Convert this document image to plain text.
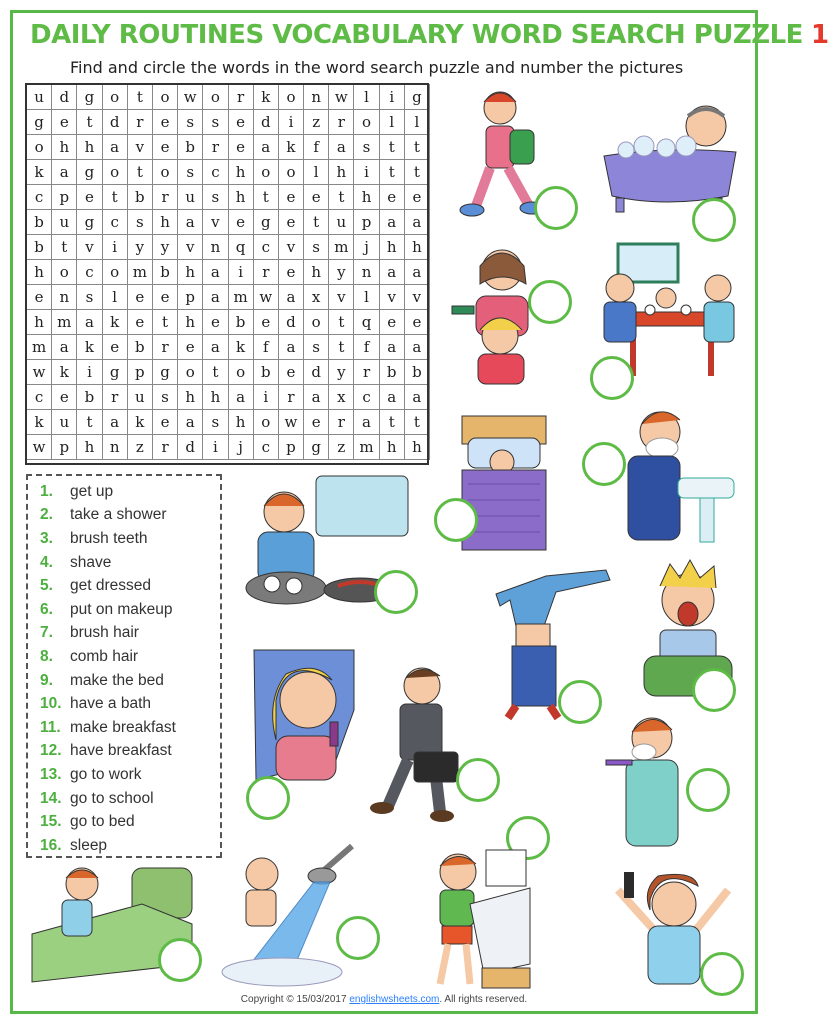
DAILY ROUTINES VOCABULARY WORD SEARCH PUZZLE 1
Find and circle the words in the word search puzzle and number the pictures
u	d	g	o	t	o	w	o	r	k	o	n	w	l	i	g
g	e	t	d	r	e	s	s	e	d	i	z	r	o	l	l
o	h	h	a	v	e	b	r	e	a	k	f	a	s	t	t
k	a	g	o	t	o	s	c	h	o	o	l	h	i	t	t
c	p	e	t	b	r	u	s	h	t	e	e	t	h	e	e
b	u	g	c	s	h	a	v	e	g	e	t	u	p	a	a
b	t	v	i	y	y	v	n	q	c	v	s	m	j	h	h
h	o	c	o	m	b	h	a	i	r	e	h	y	n	a	a
e	n	s	l	e	e	p	a	m	w	a	x	v	l	v	v
h	m	a	k	e	t	h	e	b	e	d	o	t	q	e	e
m	a	k	e	b	r	e	a	k	f	a	s	t	f	a	a
w	k	i	g	p	g	o	t	o	b	e	d	y	r	b	b
c	e	b	r	u	s	h	h	a	i	r	a	x	c	a	a
k	u	t	a	k	e	a	s	h	o	w	e	r	a	t	t
w	p	h	n	z	r	d	i	j	c	p	g	z	m	h	h
1.	get up
2.	take a shower
3.	brush teeth
4.	shave
5.	get dressed
6.	put on makeup
7.	brush hair
8.	comb hair
9.	make the bed
10. have a bath
11. make breakfast
12. have breakfast
13. go to work
14. go to school
15. go to bed
16. sleep
Copyright © 15/03/2017 englishwsheets.com. All rights reserved.
